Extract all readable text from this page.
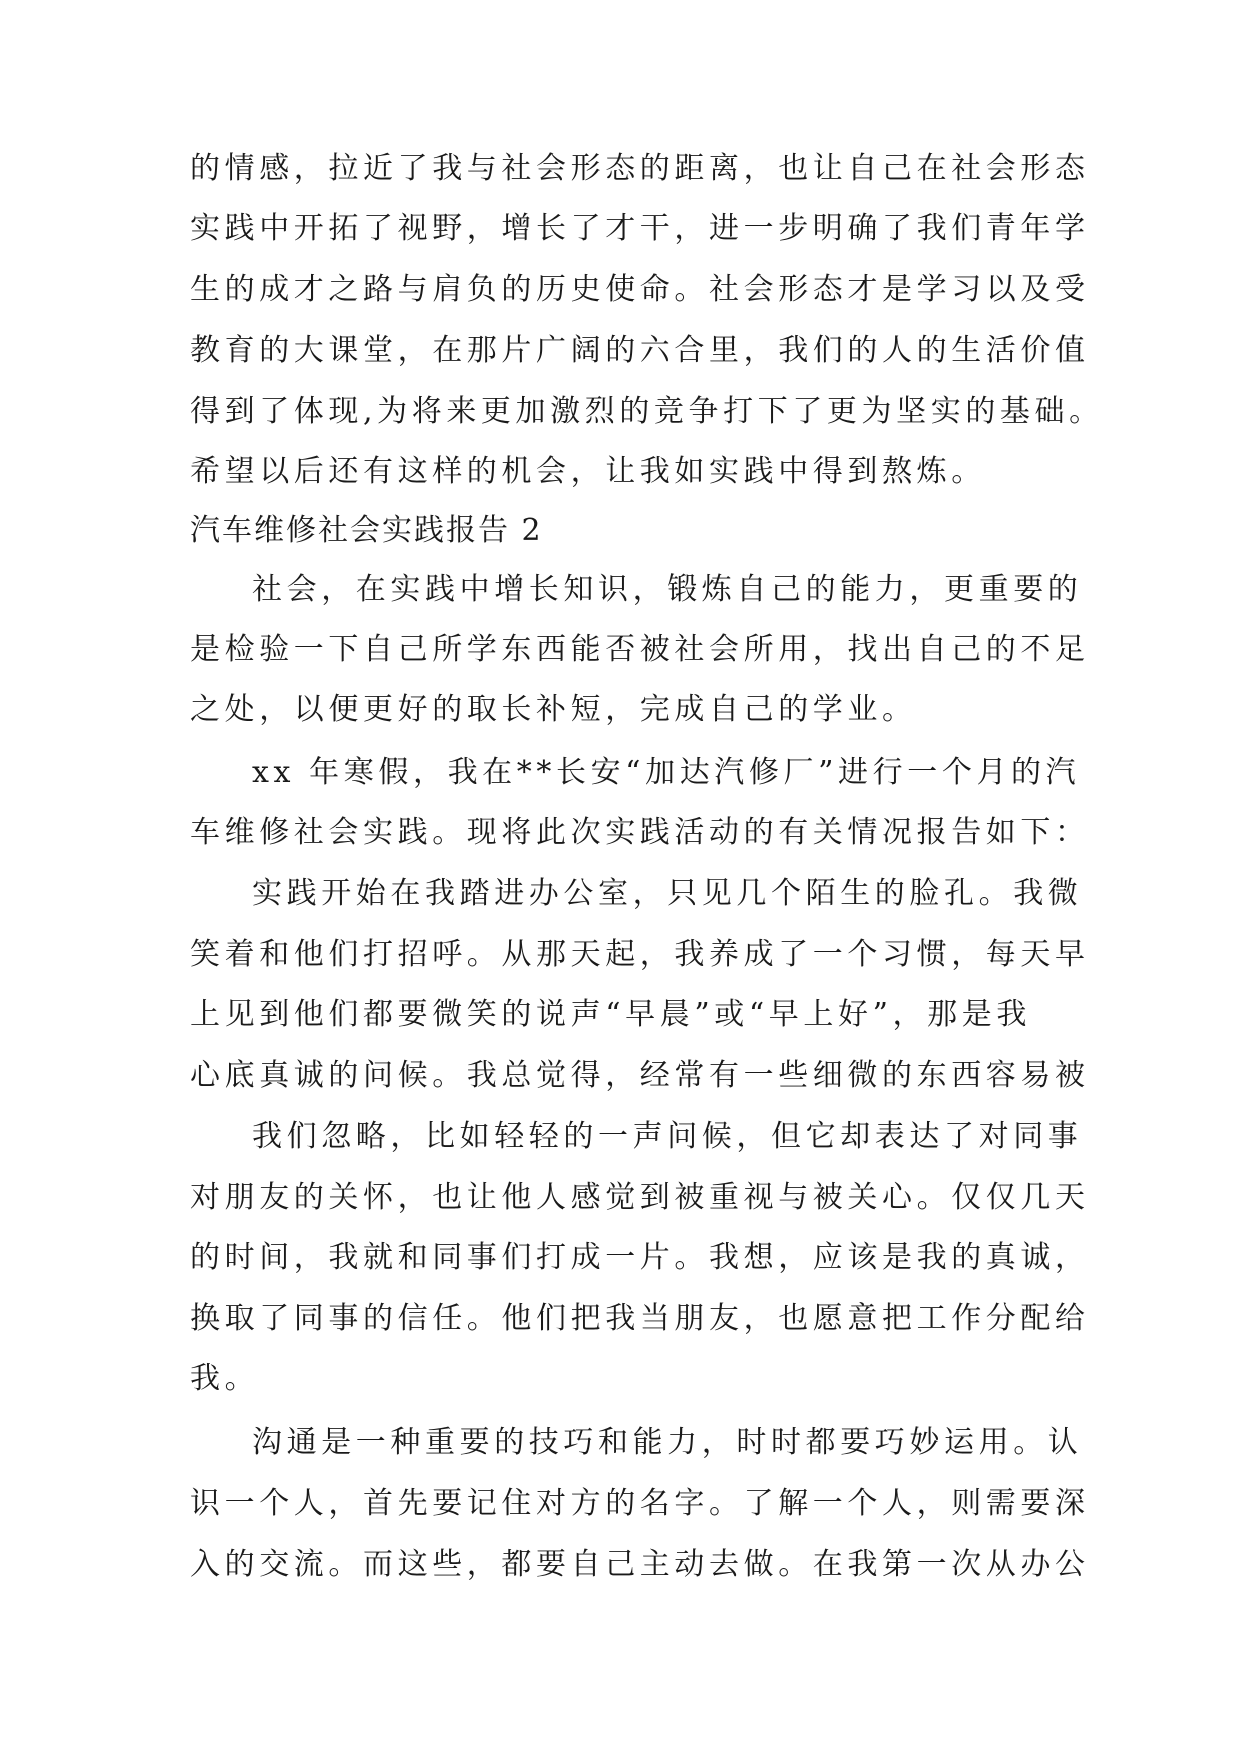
的情感，拉近了我与社会形态的距离，也让自己在社会形态
实践中开拓了视野，增长了才干，进一步明确了我们青年学
生的成才之路与肩负的历史使命。社会形态才是学习以及受
教育的大课堂，在那片广阔的六合里，我们的人的生活价值
得到了体现,为将来更加激烈的竞争打下了更为坚实的基础。
希望以后还有这样的机会，让我如实践中得到熬炼。
汽车维修社会实践报告 2
社会，在实践中增长知识，锻炼自己的能力，更重要的
是检验一下自己所学东西能否被社会所用，找出自己的不足
之处，以便更好的取长补短，完成自己的学业。
xx 年寒假，我在**长安“加达汽修厂”进行一个月的汽
车维修社会实践。现将此次实践活动的有关情况报告如下：
实践开始在我踏进办公室，只见几个陌生的脸孔。我微
笑着和他们打招呼。从那天起，我养成了一个习惯，每天早
上见到他们都要微笑的说声“早晨”或“早上好”，那是我
心底真诚的问候。我总觉得，经常有一些细微的东西容易被
我们忽略，比如轻轻的一声问候，但它却表达了对同事
对朋友的关怀，也让他人感觉到被重视与被关心。仅仅几天
的时间，我就和同事们打成一片。我想，应该是我的真诚，
换取了同事的信任。他们把我当朋友，也愿意把工作分配给
我。
沟通是一种重要的技巧和能力，时时都要巧妙运用。认
识一个人，首先要记住对方的名字。了解一个人，则需要深
入的交流。而这些，都要自己主动去做。在我第一次从办公
